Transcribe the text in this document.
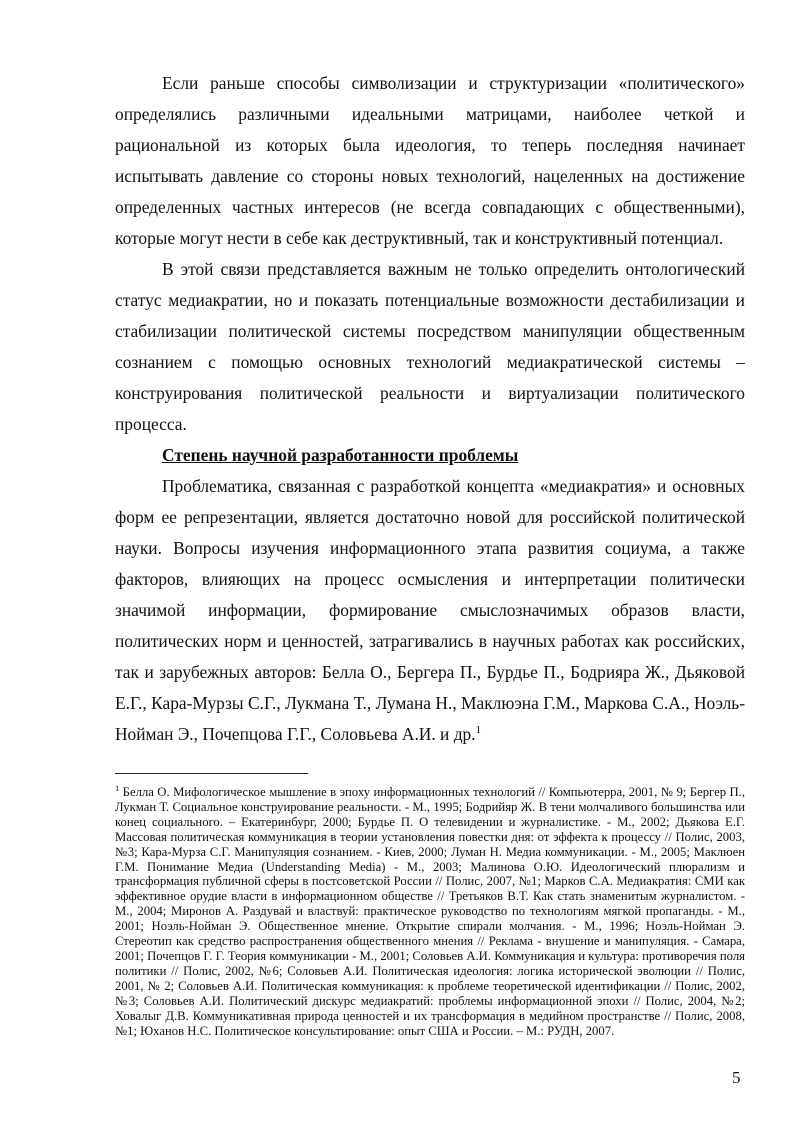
Если раньше способы символизации и структуризации «политического» определялись различными идеальными матрицами, наиболее четкой и рациональной из которых была идеология, то теперь последняя начинает испытывать давление со стороны новых технологий, нацеленных на достижение определенных частных интересов (не всегда совпадающих с общественными), которые могут нести в себе как деструктивный, так и конструктивный потенциал.

В этой связи представляется важным не только определить онтологический статус медиакратии, но и показать потенциальные возможности дестабилизации и стабилизации политической системы посредством манипуляции общественным сознанием с помощью основных технологий медиакратической системы – конструирования политической реальности и виртуализации политического процесса.

Степень научной разработанности проблемы

Проблематика, связанная с разработкой концепта «медиакратия» и основных форм ее репрезентации, является достаточно новой для российской политической науки. Вопросы изучения информационного этапа развития социума, а также факторов, влияющих на процесс осмысления и интерпретации политически значимой информации, формирование смыслозначимых образов власти, политических норм и ценностей, затрагивались в научных работах как российских, так и зарубежных авторов: Белла О., Бергера П., Бурдье П., Бодрияра Ж., Дьяковой Е.Г., Кара-Мурзы С.Г., Лукмана Т., Лумана Н., Маклюэна Г.М., Маркова С.А., Ноэль-Нойман Э., Почепцова Г.Г., Соловьева А.И. и др.$^1$

$^1$ Белла О. Мифологическое мышление в эпоху информационных технологий // Компьютерра, 2001, № 9; Бергер П., Лукман Т. Социальное конструирование реальности. - М., 1995; Бодрийяр Ж. В тени молчаливого большинства или конец социального. – Екатеринбург, 2000; Бурдье П. О телевидении и журналистике. - М., 2002; Дьякова Е.Г. Массовая политическая коммуникация в теории установления повестки дня: от эффекта к процессу // Полис, 2003, №3; Кара-Мурза С.Г. Манипуляция сознанием. - Киев, 2000; Луман Н. Медиа коммуникации. - М., 2005; Маклюен Г.М. Понимание Медиа (Understanding Media) - М., 2003; Малинова О.Ю. Идеологический плюрализм и трансформация публичной сферы в постсоветской России // Полис, 2007, №1; Марков С.А. Медиакратия: СМИ как эффективное орудие власти в информационном обществе // Третьяков В.Т. Как стать знаменитым журналистом. - М., 2004; Миронов А. Раздувай и властвуй: практическое руководство по технологиям мягкой пропаганды. - М., 2001; Ноэль-Нойман Э. Общественное мнение. Открытие спирали молчания. - М., 1996; Ноэль-Нойман Э. Стереотип как средство распространения общественного мнения // Реклама - внушение и манипуляция. - Самара, 2001; Почепцов Г. Г. Теория коммуникации - М., 2001; Соловьев А.И. Коммуникация и культура: противоречия поля политики // Полис, 2002, №6; Соловьев А.И. Политическая идеология: логика исторической эволюции // Полис, 2001, № 2; Соловьев А.И. Политическая коммуникация: к проблеме теоретической идентификации // Полис, 2002, №3; Соловьев А.И. Политический дискурс медиакратий: проблемы информационной эпохи // Полис, 2004, №2; Ховалыг Д.В. Коммуникативная природа ценностей и их трансформация в медийном пространстве // Полис, 2008, №1; Юханов Н.С. Политическое консультирование: опыт США и России. – М.: РУДН, 2007.

5
